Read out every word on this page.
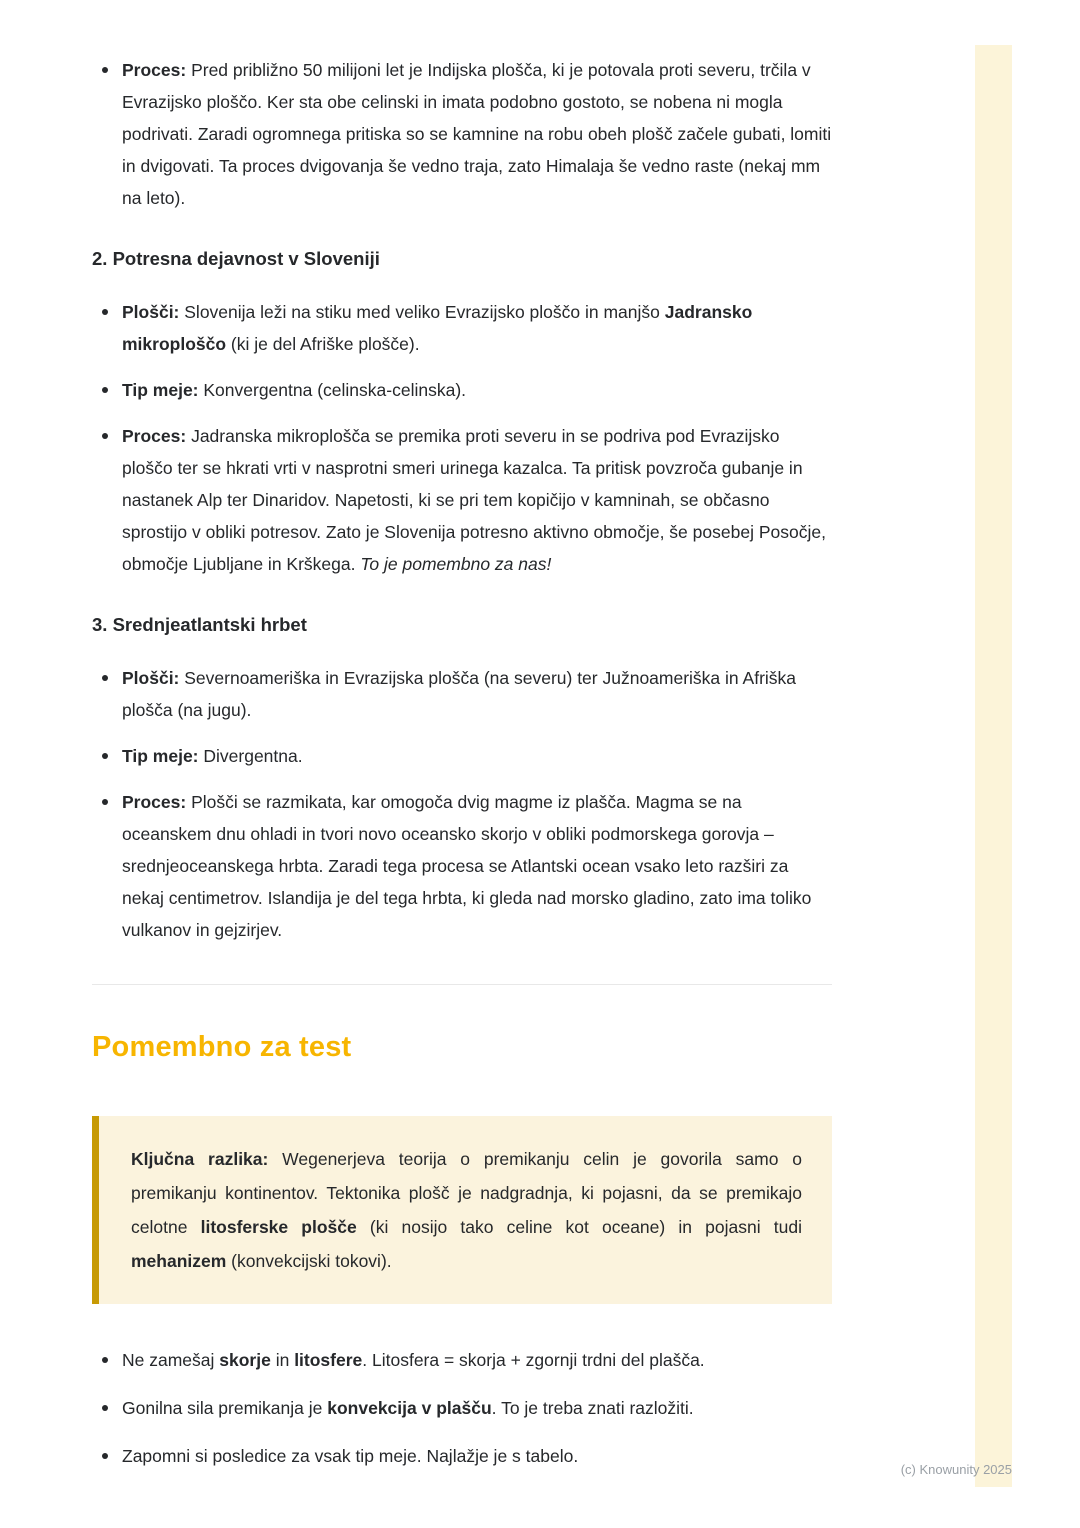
Proces: Pred približno 50 milijoni let je Indijska plošča, ki je potovala proti severu, trčila v Evrazijsko ploščo. Ker sta obe celinski in imata podobno gostoto, se nobena ni mogla podrivati. Zaradi ogromnega pritiska so se kamnine na robu obeh plošč začele gubati, lomiti in dvigovati. Ta proces dvigovanja še vedno traja, zato Himalaja še vedno raste (nekaj mm na leto).
2. Potresna dejavnost v Sloveniji
Plošči: Slovenija leži na stiku med veliko Evrazijsko ploščo in manjšo Jadransko mikroploščo (ki je del Afriške plošče).
Tip meje: Konvergentna (celinska-celinska).
Proces: Jadranska mikroplošča se premika proti severu in se podriva pod Evrazijsko ploščo ter se hkrati vrti v nasprotni smeri urinega kazalca. Ta pritisk povzroča gubanje in nastanek Alp ter Dinaridov. Napetosti, ki se pri tem kopičijo v kamninah, se občasno sprostijo v obliki potresov. Zato je Slovenija potresno aktivno območje, še posebej Posočje, območje Ljubljane in Krškega. To je pomembno za nas!
3. Srednjeatlantski hrbet
Plošči: Severnoameriška in Evrazijska plošča (na severu) ter Južnoameriška in Afriška plošča (na jugu).
Tip meje: Divergentna.
Proces: Plošči se razmikata, kar omogoča dvig magme iz plašča. Magma se na oceanskem dnu ohladi in tvori novo oceansko skorjo v obliki podmorskega gorovja – srednjeoceanskega hrbta. Zaradi tega procesa se Atlantski ocean vsako leto razširi za nekaj centimetrov. Islandija je del tega hrbta, ki gleda nad morsko gladino, zato ima toliko vulkanov in gejzirjev.
Pomembno za test
Ključna razlika: Wegenerjeva teorija o premikanju celin je govorila samo o premikanju kontinentov. Tektonika plošč je nadgradnja, ki pojasni, da se premikajo celotne litosferske plošče (ki nosijo tako celine kot oceane) in pojasni tudi mehanizem (konvekcijski tokovi).
Ne zamešaj skorje in litosfere. Litosfera = skorja + zgornji trdni del plašča.
Gonilna sila premikanja je konvekcija v plašču. To je treba znati razložiti.
Zapomni si posledice za vsak tip meje. Najlažje je s tabelo.
(c) Knowunity 2025
